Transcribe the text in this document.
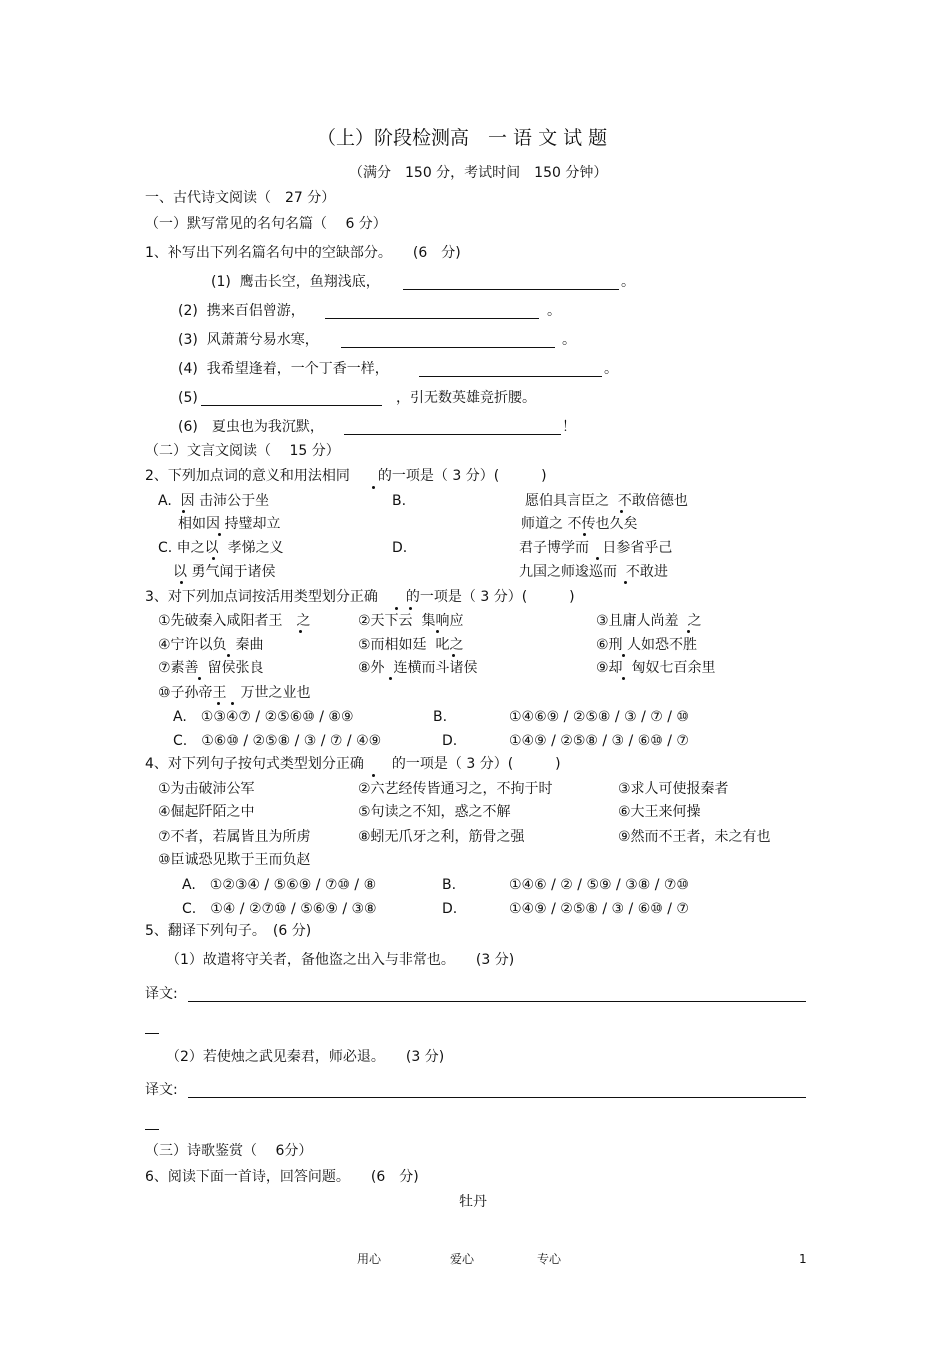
（上）阶段检测高　一 语 文 试 题
（满分　150 分，考试时间　150 分钟）
一、古代诗文阅读（　27 分）
（一）默写常见的名句名篇（　 6 分）
1、补写出下列名篇名句中的空缺部分。　　(6　分)
(1)  鹰击长空，鱼翔浅底，	。
(2)  携来百侣曾游，	。
(3)  风萧萧兮易水寒，	。
(4)  我希望逢着，一个丁香一样，	。
(5)	，引无数英雄竞折腰。
(6)　夏虫也为我沉默，	！
（二）文言文阅读（　 15 分）
2、下列加点词的意义和用法相同　　的一项是（ 3 分）(　　　)
A.  因 击沛公于坐	B.	愿伯具言臣之  不敢倍德也
相如因 持璧却立	师道之 不传也久矣
C. 申之以  孝悌之义	D.	君子博学而   日参省乎己
以 勇气闻于诸侯	九国之师逡巡而  不敢进
3、对下列加点词按活用类型划分正确　　的一项是（ 3 分）(　　　)
①先破秦入咸阳者王　之	②天下云  集响应	③且庸人尚羞  之
④宁许以负  秦曲	⑤而相如廷  叱之	⑥刑 人如恐不胜
⑦素善  留侯张良	⑧外  连横而斗诸侯	⑨却  匈奴七百余里
⑩子孙帝王　万世之业也
A.　①③④⑦ / ②⑤⑥⑩ / ⑧⑨	B.	①④⑥⑨ / ②⑤⑧ / ③ / ⑦ / ⑩
C.　①⑥⑩ / ②⑤⑧ / ③ / ⑦ / ④⑨	D.	①④⑨ / ②⑤⑧ / ③ / ⑥⑩ / ⑦
4、对下列句子按句式类型划分正确　　的一项是（ 3 分）(　　　)
①为击破沛公军	②六艺经传皆通习之，不拘于时	③求人可使报秦者
④倔起阡陌之中	⑤句读之不知，惑之不解	⑥大王来何操
⑦不者，若属皆且为所虏	⑧蚓无爪牙之利，筋骨之强	⑨然而不王者，未之有也
⑩臣诚恐见欺于王而负赵
A.　①②③④ / ⑤⑥⑨ / ⑦⑩ / ⑧	B.	①④⑥ / ② / ⑤⑨ / ③⑧ / ⑦⑩
C.　①④ / ②⑦⑩ / ⑤⑥⑨ / ③⑧	D.	①④⑨ / ②⑤⑧ / ③ / ⑥⑩ / ⑦
5、翻译下列句子。　(6 分)
（1）故遣将守关者，备他盗之出入与非常也。　　(3 分)
译文:
（2）若使烛之武见秦君，师必退。　　(3 分)
译文:
（三）诗歌鉴赏（　 6分）
6、阅读下面一首诗，回答问题。　　(6　分)
牡丹
用心	爱心	专心	1
